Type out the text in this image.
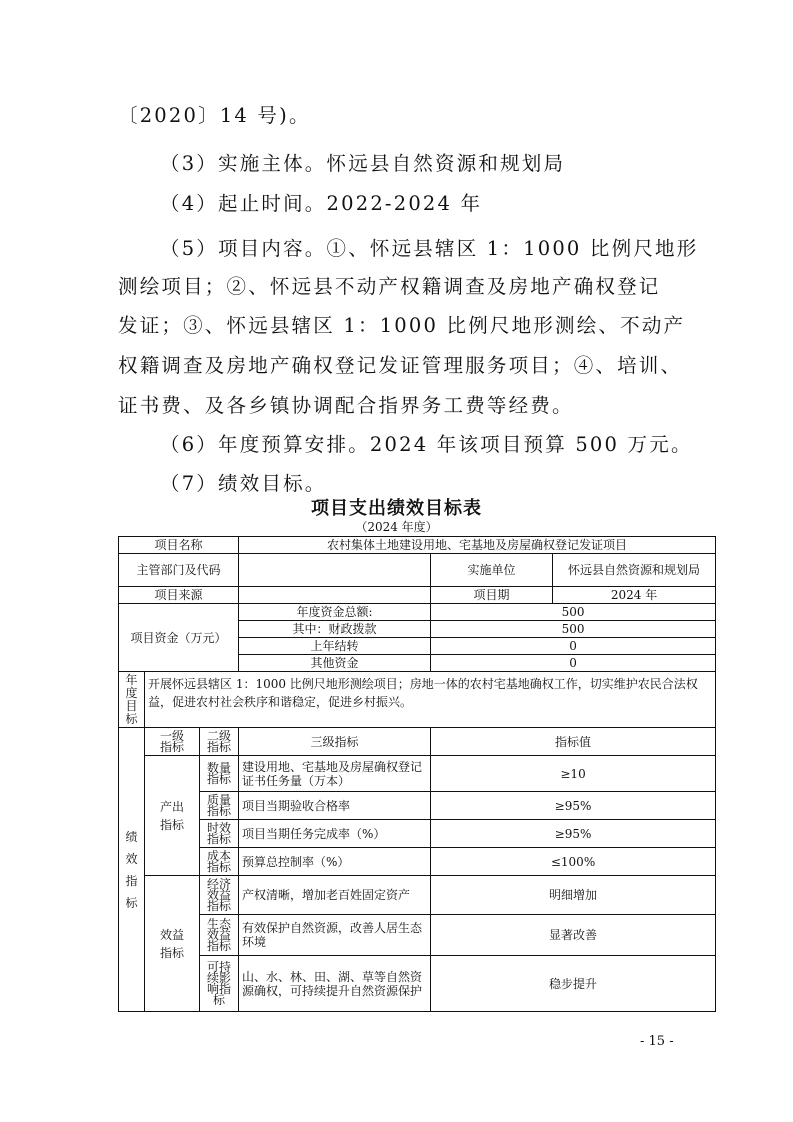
〔2020〕14 号)。
（3）实施主体。怀远县自然资源和规划局
（4）起止时间。2022-2024 年
（5）项目内容。①、怀远县辖区 1：1000 比例尺地形
测绘项目；②、怀远县不动产权籍调查及房地产确权登记
发证；③、怀远县辖区 1：1000 比例尺地形测绘、不动产
权籍调查及房地产确权登记发证管理服务项目；④、培训、
证书费、及各乡镇协调配合指界务工费等经费。
（6）年度预算安排。2024 年该项目预算 500 万元。
（7）绩效目标。
项目支出绩效目标表
（2024 年度）
项目名称			农村集体土地建设用地、宅基地及房屋确权登记发证项目		
主管部门及代码				实施单位	怀远县自然资源和规划局
项目来源				项目期	2024 年
项目资金（万元）			年度资金总额:	500	
			其中：财政拨款	500	
			上年结转	0	
			其他资金	0	
年度目标	开展怀远县辖区 1：1000 比例尺地形测绘项目；房地一体的农村宅基地确权工作，切实维护农民合法权益，促进农村社会秩序和谐稳定，促进乡村振兴。				
绩效指标	一级指标	二级指标	三级指标	指标值	
	产出指标	数量指标	建设用地、宅基地及房屋确权登记证书任务量（万本）	≥10	
		质量指标	项目当期验收合格率	≥95%	
		时效指标	项目当期任务完成率（%）	≥95%	
		成本指标	预算总控制率（%）	≤100%	
	效益指标	经济效益指标	产权清晰，增加老百姓固定资产	明细增加	
		生态效益指标	有效保护自然资源，改善人居生态环境	显著改善	
		可持续影响指标	山、水、林、田、湖、草等自然资源确权，可持续提升自然资源保护	稳步提升	
- 15 -
